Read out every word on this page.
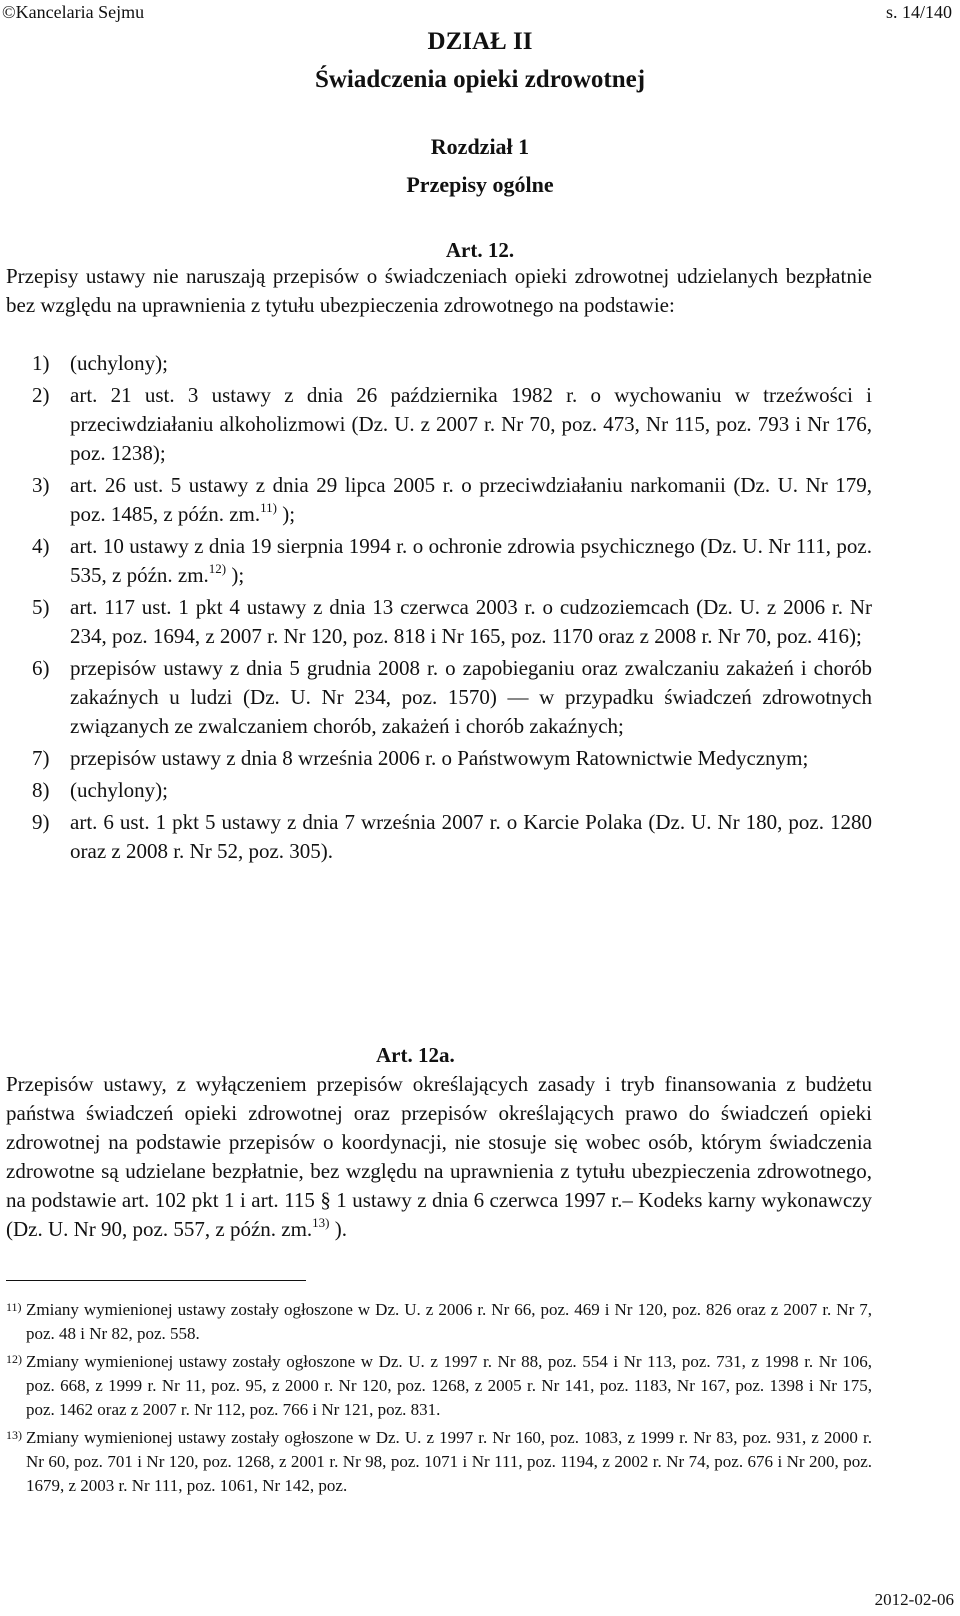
©Kancelaria Sejmu	s. 14/140
DZIAŁ II
Świadczenia opieki zdrowotnej
Rozdział 1
Przepisy ogólne
Art. 12.
Przepisy ustawy nie naruszają przepisów o świadczeniach opieki zdrowotnej udzielanych bezpłatnie bez względu na uprawnienia z tytułu ubezpieczenia zdrowotnego na podstawie:
1) (uchylony);
2) art. 21 ust. 3 ustawy z dnia 26 października 1982 r. o wychowaniu w trzeźwości i przeciwdziałaniu alkoholizmowi (Dz. U. z 2007 r. Nr 70, poz. 473, Nr 115, poz. 793 i Nr 176, poz. 1238);
3) art. 26 ust. 5 ustawy z dnia 29 lipca 2005 r. o przeciwdziałaniu narkomanii (Dz. U. Nr 179, poz. 1485, z późn. zm.$^{11)}$ );
4) art. 10 ustawy z dnia 19 sierpnia 1994 r. o ochronie zdrowia psychicznego (Dz. U. Nr 111, poz. 535, z późn. zm.$^{12)}$ );
5) art. 117 ust. 1 pkt 4 ustawy z dnia 13 czerwca 2003 r. o cudzoziemcach (Dz. U. z 2006 r. Nr 234, poz. 1694, z 2007 r. Nr 120, poz. 818 i Nr 165, poz. 1170 oraz z 2008 r. Nr 70, poz. 416);
6) przepisów ustawy z dnia 5 grudnia 2008 r. o zapobieganiu oraz zwalczaniu zakażeń i chorób zakaźnych u ludzi (Dz. U. Nr 234, poz. 1570) — w przypadku świadczeń zdrowotnych związanych ze zwalczaniem chorób, zakażeń i chorób zakaźnych;
7) przepisów ustawy z dnia 8 września 2006 r. o Państwowym Ratownictwie Medycznym;
8) (uchylony);
9) art. 6 ust. 1 pkt 5 ustawy z dnia 7 września 2007 r. o Karcie Polaka (Dz. U. Nr 180, poz. 1280 oraz z 2008 r. Nr 52, poz. 305).
Art. 12a.
Przepisów ustawy, z wyłączeniem przepisów określających zasady i tryb finansowania z budżetu państwa świadczeń opieki zdrowotnej oraz przepisów określających prawo do świadczeń opieki zdrowotnej na podstawie przepisów o koordynacji, nie stosuje się wobec osób, którym świadczenia zdrowotne są udzielane bezpłatnie, bez względu na uprawnienia z tytułu ubezpieczenia zdrowotnego, na podstawie art. 102 pkt 1 i art. 115 § 1 ustawy z dnia 6 czerwca 1997 r.– Kodeks karny wykonawczy (Dz. U. Nr 90, poz. 557, z późn. zm.$^{13)}$ ).
11) Zmiany wymienionej ustawy zostały ogłoszone w Dz. U. z 2006 r. Nr 66, poz. 469 i Nr 120, poz. 826 oraz z 2007 r. Nr 7, poz. 48 i Nr 82, poz. 558.
12) Zmiany wymienionej ustawy zostały ogłoszone w Dz. U. z 1997 r. Nr 88, poz. 554 i Nr 113, poz. 731, z 1998 r. Nr 106, poz. 668, z 1999 r. Nr 11, poz. 95, z 2000 r. Nr 120, poz. 1268, z 2005 r. Nr 141, poz. 1183, Nr 167, poz. 1398 i Nr 175, poz. 1462 oraz z 2007 r. Nr 112, poz. 766 i Nr 121, poz. 831.
13) Zmiany wymienionej ustawy zostały ogłoszone w Dz. U. z 1997 r. Nr 160, poz. 1083, z 1999 r. Nr 83, poz. 931, z 2000 r. Nr 60, poz. 701 i Nr 120, poz. 1268, z 2001 r. Nr 98, poz. 1071 i Nr 111, poz. 1194, z 2002 r. Nr 74, poz. 676 i Nr 200, poz. 1679, z 2003 r. Nr 111, poz. 1061, Nr 142, poz.
2012-02-06
